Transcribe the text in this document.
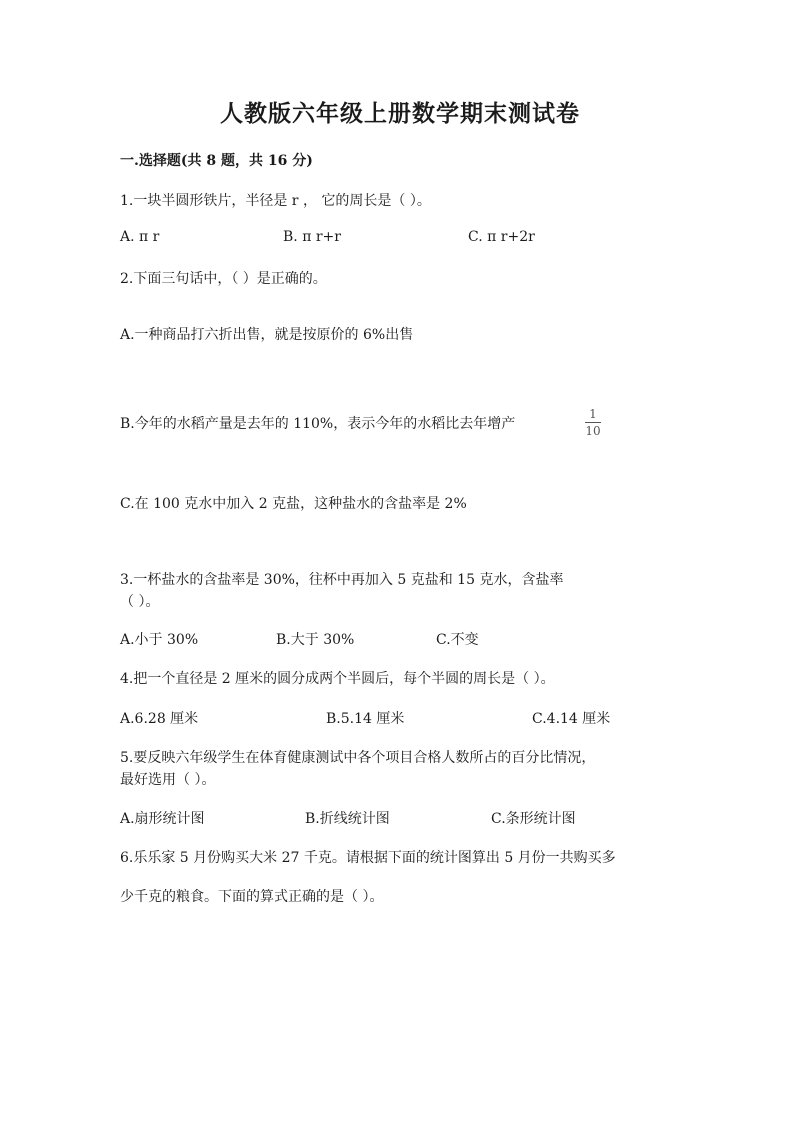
人教版六年级上册数学期末测试卷
一.选择题(共 8 题，共 16 分)
1.一块半圆形铁片，半径是 r ， 它的周长是（ ）。
A. π r	B. π r+r	C. π r+2r
2.下面三句话中，（ ）是正确的。
A.一种商品打六折出售，就是按原价的 6%出售
B.今年的水稻产量是去年的 110%，表示今年的水稻比去年增产
1
10
C.在 100 克水中加入 2 克盐，这种盐水的含盐率是 2%
3.一杯盐水的含盐率是 30%，往杯中再加入 5 克盐和 15 克水，含盐率
（ ）。
A.小于 30%	B.大于 30%	C.不变
4.把一个直径是 2 厘米的圆分成两个半圆后，每个半圆的周长是（ ）。
A.6.28 厘米	B.5.14 厘米	C.4.14 厘米
5.要反映六年级学生在体育健康测试中各个项目合格人数所占的百分比情况，
最好选用（ ）。
A.扇形统计图	B.折线统计图	C.条形统计图
6.乐乐家 5 月份购买大米 27 千克。请根据下面的统计图算出 5 月份一共购买多
少千克的粮食。下面的算式正确的是（ ）。
